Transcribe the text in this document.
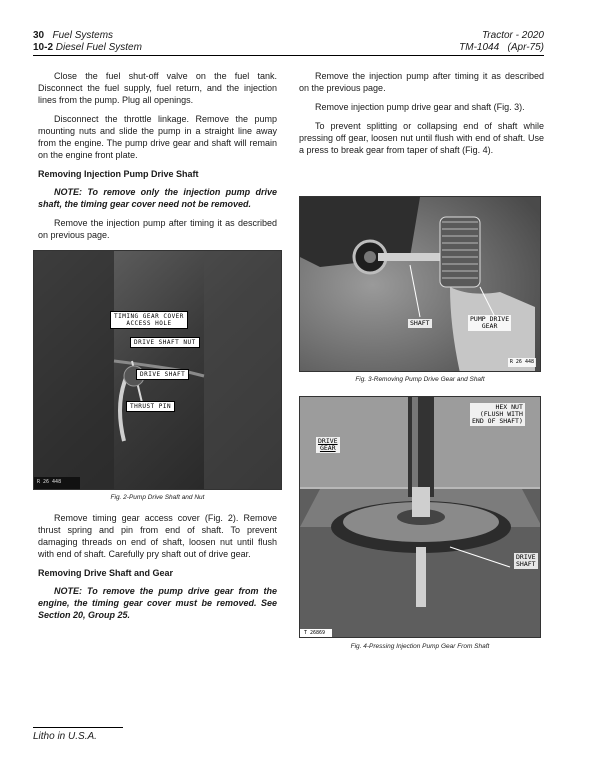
30 Fuel Systems
10-2 Diesel Fuel System
Tractor - 2020
TM-1044   (Apr-75)

Close the fuel shut-off valve on the fuel tank. Disconnect the fuel supply, fuel return, and the injection lines from the pump. Plug all openings.

Disconnect the throttle linkage. Remove the pump mounting nuts and slide the pump in a straight line away from the engine. The pump drive gear and shaft will remain on the engine front plate.

Removing Injection Pump Drive Shaft

NOTE: To remove only the injection pump drive shaft, the timing gear cover need not be removed.

Remove the injection pump after timing it as described on previous page.

TIMING GEAR COVER
ACCESS HOLE
DRIVE SHAFT NUT
DRIVE SHAFT
THRUST PIN
R 26 448
Fig. 2-Pump Drive Shaft and Nut

Remove timing gear access cover (Fig. 2). Remove thrust spring and pin from end of shaft. To prevent damaging threads on end of shaft, loosen nut until flush with end of shaft. Carefully pry shaft out of drive gear.

Removing Drive Shaft and Gear

NOTE: To remove the pump drive gear from the engine, the timing gear cover must be removed. See Section 20, Group 25.

Remove the injection pump after timing it as described on the previous page.

Remove injection pump drive gear and shaft (Fig. 3).

To prevent splitting or collapsing end of shaft while pressing off gear, loosen nut until flush with end of shaft. Use a press to break gear from taper of shaft (Fig. 4).

SHAFT	PUMP DRIVE
GEAR
R 26 448
Fig. 3-Removing Pump Drive Gear and Shaft
HEX NUT
(FLUSH WITH
END OF SHAFT)
DRIVE
GEAR
DRIVE
SHAFT
T 26869
Fig. 4-Pressing Injection Pump Gear From Shaft
Litho in U.S.A.
